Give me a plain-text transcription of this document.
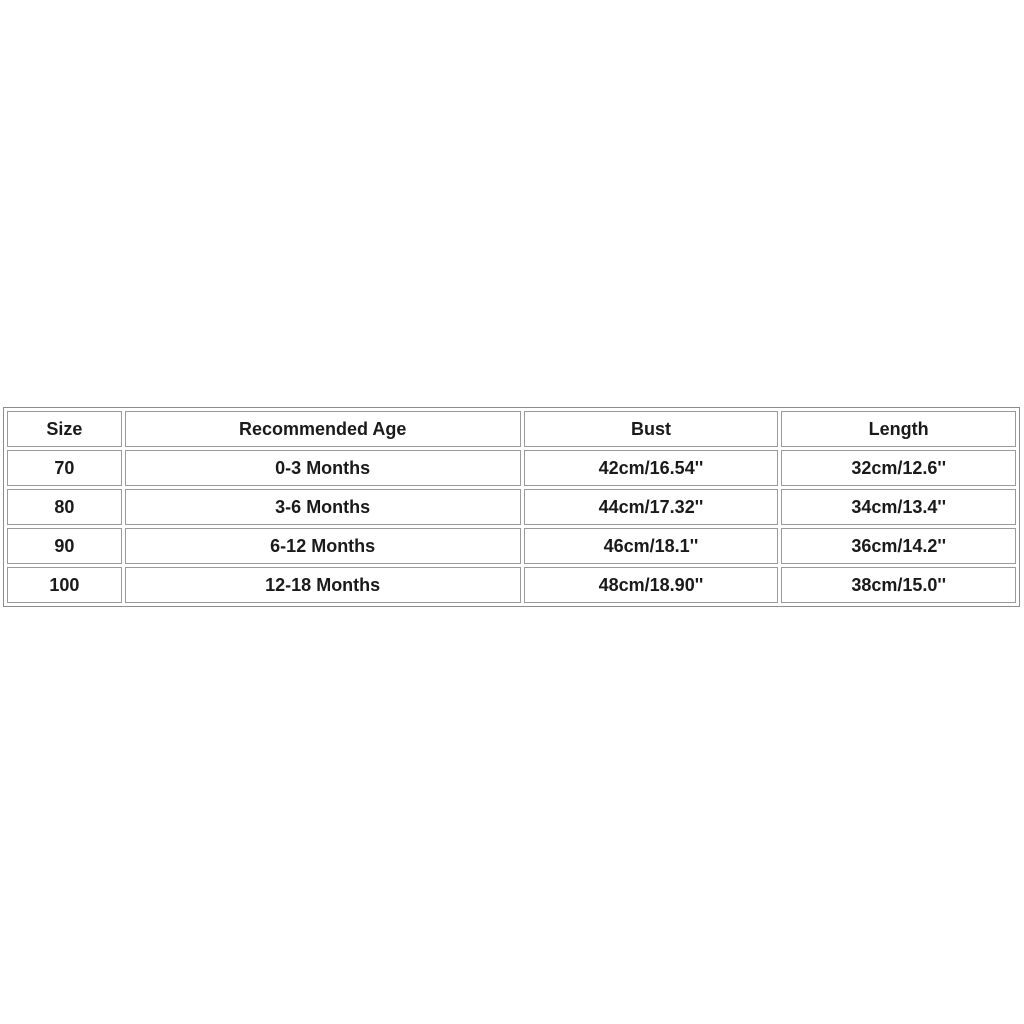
Size	Recommended Age	Bust	Length
70	0-3 Months	42cm/16.54''	32cm/12.6''
80	3-6 Months	44cm/17.32''	34cm/13.4''
90	6-12 Months	46cm/18.1''	36cm/14.2''
100	12-18 Months	48cm/18.90''	38cm/15.0''
